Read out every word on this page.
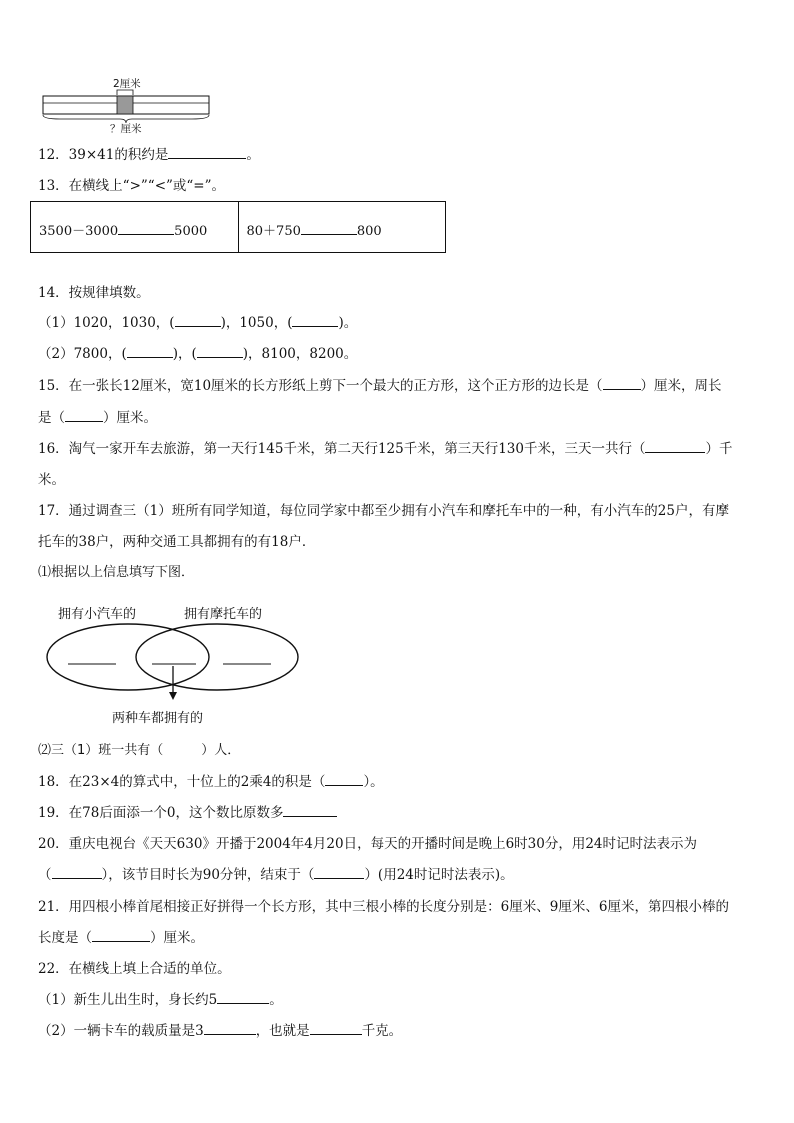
2厘米
？厘米
12．39×41的积约是	。
13．在横线上“>”“<”或“=”。
3500－3000	5000	80＋750	800
14．按规律填数。
（1）1020，1030，(	)，1050，(	)。
（2）7800，(	)，(	)，8100，8200。
15．在一张长12厘米，宽10厘米的长方形纸上剪下一个最大的正方形，这个正方形的边长是（	）厘米，周长
是（	）厘米。
16．淘气一家开车去旅游，第一天行145千米，第二天行125千米，第三天行130千米，三天一共行（	）千
米。
17．通过调查三（1）班所有同学知道，每位同学家中都至少拥有小汽车和摩托车中的一种，有小汽车的25户，有摩
托车的38户，两种交通工具都拥有的有18户．
⑴根据以上信息填写下图．
拥有小汽车的	拥有摩托车的
两种车都拥有的
⑵三（1）班一共有（	）人．
18．在23×4的算式中，十位上的2乘4的积是（	）。
19．在78后面添一个0，这个数比原数多
20．重庆电视台《天天630》开播于2004年4月20日，每天的开播时间是晚上6时30分，用24时记时法表示为
（	），该节目时长为90分钟，结束于（	）(用24时记时法表示)。
21．用四根小棒首尾相接正好拼得一个长方形，其中三根小棒的长度分别是：6厘米、9厘米、6厘米，第四根小棒的
长度是（	）厘米。
22．在横线上填上合适的单位。
（1）新生儿出生时，身长约5	。
（2）一辆卡车的载质量是3	，也就是	千克。
